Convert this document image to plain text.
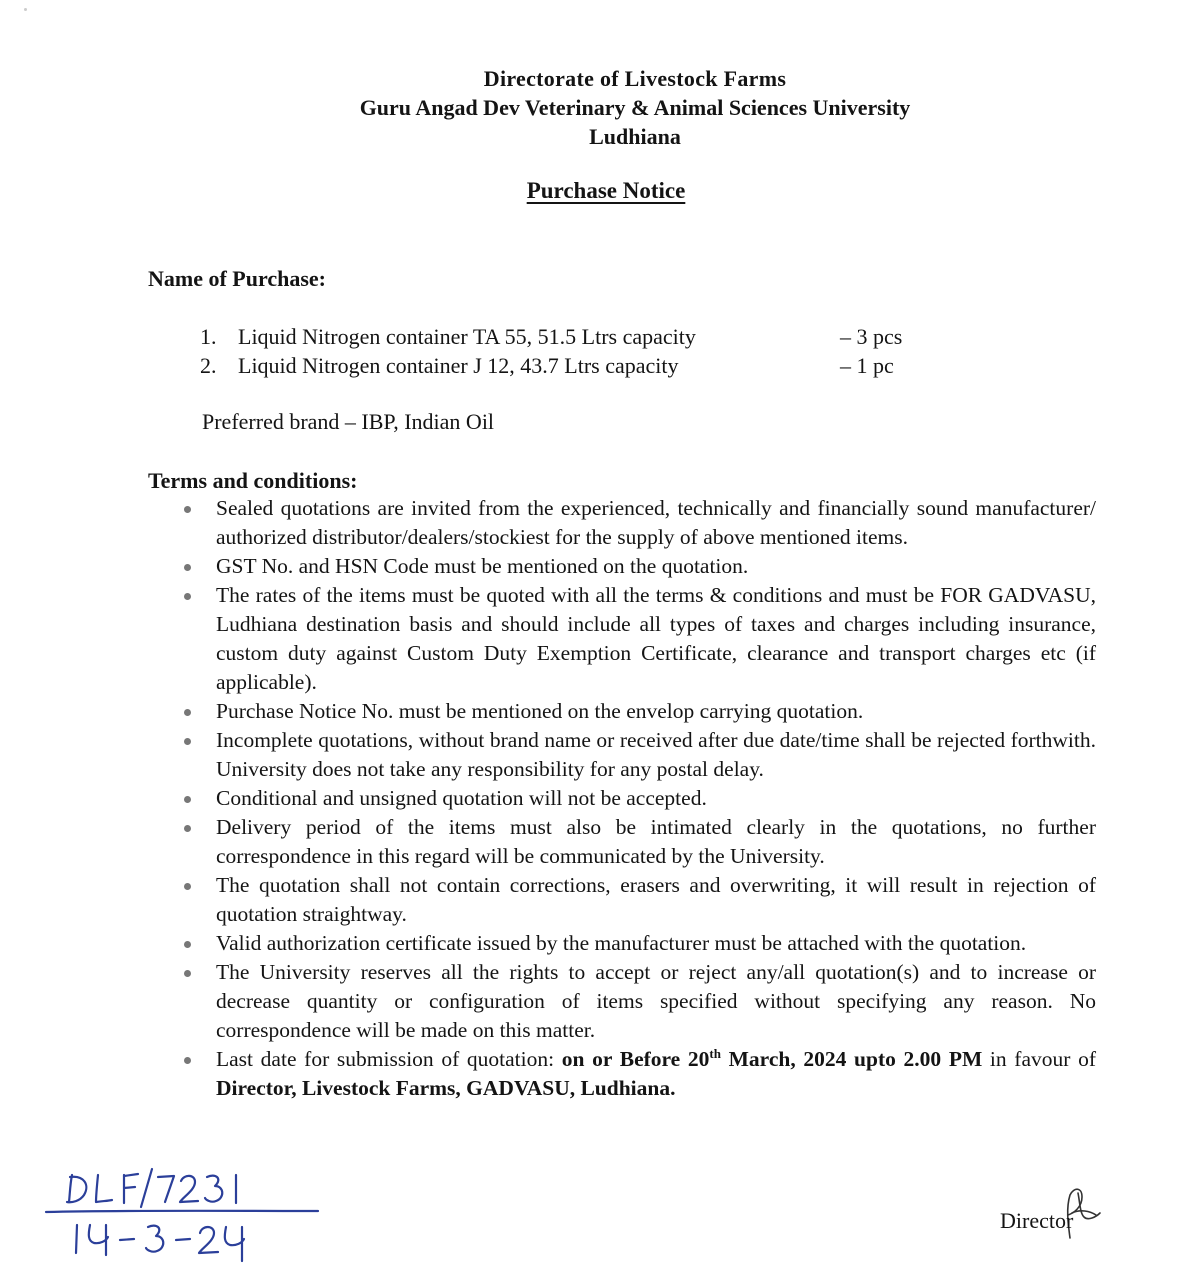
Directorate of Livestock Farms
Guru Angad Dev Veterinary & Animal Sciences University
Ludhiana
Purchase Notice
Name of Purchase:
1. Liquid Nitrogen container TA 55, 51.5 Ltrs capacity	– 3 pcs
2. Liquid Nitrogen container J 12, 43.7 Ltrs capacity	– 1 pc
Preferred brand – IBP, Indian Oil
Terms and conditions:
Sealed quotations are invited from the experienced, technically and financially sound manufacturer/ authorized distributor/dealers/stockiest for the supply of above mentioned items.
GST No. and HSN Code must be mentioned on the quotation.
The rates of the items must be quoted with all the terms & conditions and must be FOR GADVASU, Ludhiana destination basis and should include all types of taxes and charges including insurance, custom duty against Custom Duty Exemption Certificate, clearance and transport charges etc (if applicable).
Purchase Notice No. must be mentioned on the envelop carrying quotation.
Incomplete quotations, without brand name or received after due date/time shall be rejected forthwith. University does not take any responsibility for any postal delay.
Conditional and unsigned quotation will not be accepted.
Delivery period of the items must also be intimated clearly in the quotations, no further correspondence in this regard will be communicated by the University.
The quotation shall not contain corrections, erasers and overwriting, it will result in rejection of quotation straightway.
Valid authorization certificate issued by the manufacturer must be attached with the quotation.
The University reserves all the rights to accept or reject any/all quotation(s) and to increase or decrease quantity or configuration of items specified without specifying any reason. No correspondence will be made on this matter.
Last date for submission of quotation: on or Before 20th March, 2024 upto 2.00 PM in favour of Director, Livestock Farms, GADVASU, Ludhiana.
Director
